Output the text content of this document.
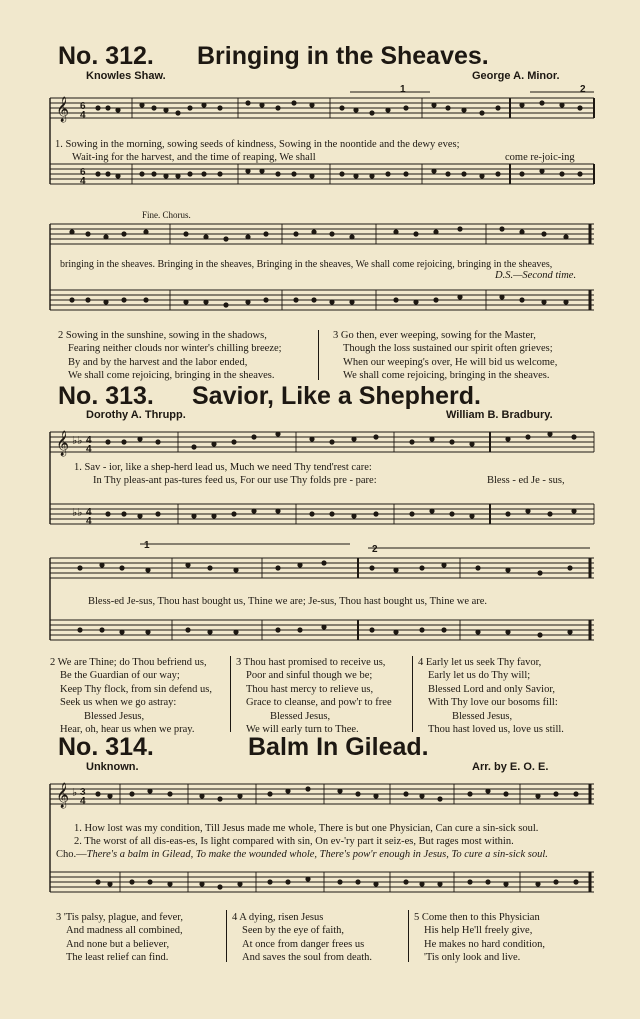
No. 312. Bringing in the Sheaves.
Knowles Shaw.	George A. Minor.
𝄞 6
4
6
4
1	2
1. Sowing in the morning, sowing seeds of kindness, Sowing in the noontide and the dewy eves;
Wait-ing for the harvest, and the time of reaping, We shall	come re-joic-ing
Fine. Chorus.
bringing in the sheaves. Bringing in the sheaves, Bringing in the sheaves, We shall come rejoicing, bringing in the sheaves,
D.S.—Second time.
2 Sowing in the sunshine, sowing in the shadows,
Fearing neither clouds nor winter's chilling breeze;
By and by the harvest and the labor ended,
We shall come rejoicing, bringing in the sheaves.
3 Go then, ever weeping, sowing for the Master,
Though the loss sustained our spirit often grieves;
When our weeping's over, He will bid us welcome,
We shall come rejoicing, bringing in the sheaves.
No. 313. Savior, Like a Shepherd.
Dorothy A. Thrupp.	William B. Bradbury.
𝄞 ♭♭ 4
4
♭♭ 4
4
1. Sav - ior, like a shep-herd lead us, Much we need Thy tend'rest care:
In Thy pleas-ant pas-tures feed us, For our use Thy folds pre - pare:	Bless - ed Je - sus,
1	2
Bless-ed Je-sus, Thou hast bought us, Thine we are; Je-sus, Thou hast bought us, Thine we are.
2 We are Thine; do Thou befriend us,
Be the Guardian of our way;
Keep Thy flock, from sin defend us,
Seek us when we go astray:
Blessed Jesus,
Hear, oh, hear us when we pray.
3 Thou hast promised to receive us,
Poor and sinful though we be;
Thou hast mercy to relieve us,
Grace to cleanse, and pow'r to free
Blessed Jesus,
We will early turn to Thee.
4 Early let us seek Thy favor,
Early let us do Thy will;
Blessed Lord and only Savior,
With Thy love our bosoms fill:
Blessed Jesus,
Thou hast loved us, love us still.
No. 314.	Balm In Gilead.
Unknown.	Arr. by E. O. E.
𝄞 ♭ 3
4
1. How lost was my condition, Till Jesus made me whole, There is but one Physician, Can cure a sin-sick soul.
2. The worst of all dis-eas-es, Is light compared with sin, On ev-'ry part it seiz-es, But rages most within.
Cho.—There's a balm in Gilead, To make the wounded whole, There's pow'r enough in Jesus, To cure a sin-sick soul.
3 'Tis palsy, plague, and fever,
And madness all combined,
And none but a believer,
The least relief can find.
4 A dying, risen Jesus
Seen by the eye of faith,
At once from danger frees us
And saves the soul from death.
5 Come then to this Physician
His help He'll freely give,
He makes no hard condition,
'Tis only look and live.
